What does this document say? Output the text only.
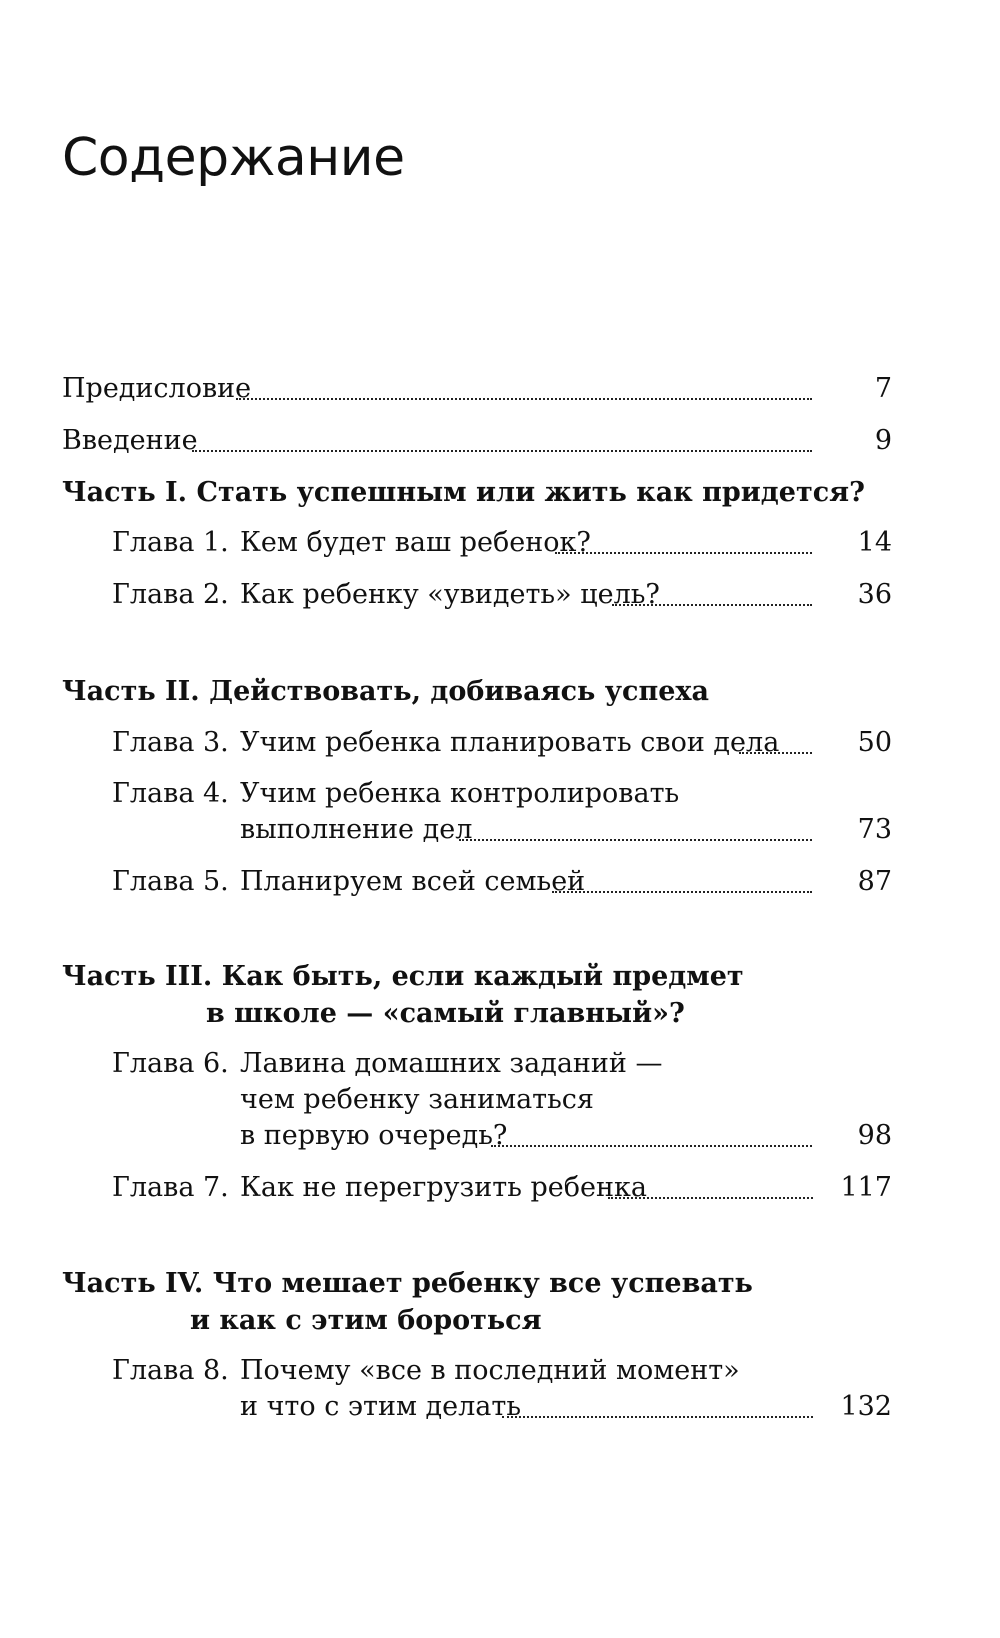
Содержание
Предисловие	7
Введение	9
Часть I. Стать успешным или жить как придется?
Глава 1. Кем будет ваш ребенок?	14
Глава 2. Как ребенку «увидеть» цель?	36
Часть II. Действовать, добиваясь успеха
Глава 3. Учим ребенка планировать свои дела	50
Глава 4. Учим ребенка контролировать
выполнение дел	73
Глава 5. Планируем всей семьей	87
Часть III. Как быть, если каждый предмет
в школе — «самый главный»?
Глава 6. Лавина домашних заданий —
чем ребенку заниматься
в первую очередь?	98
Глава 7. Как не перегрузить ребенка	117
Часть IV. Что мешает ребенку все успевать
и как с этим бороться
Глава 8. Почему «все в последний момент»
и что с этим делать	132
